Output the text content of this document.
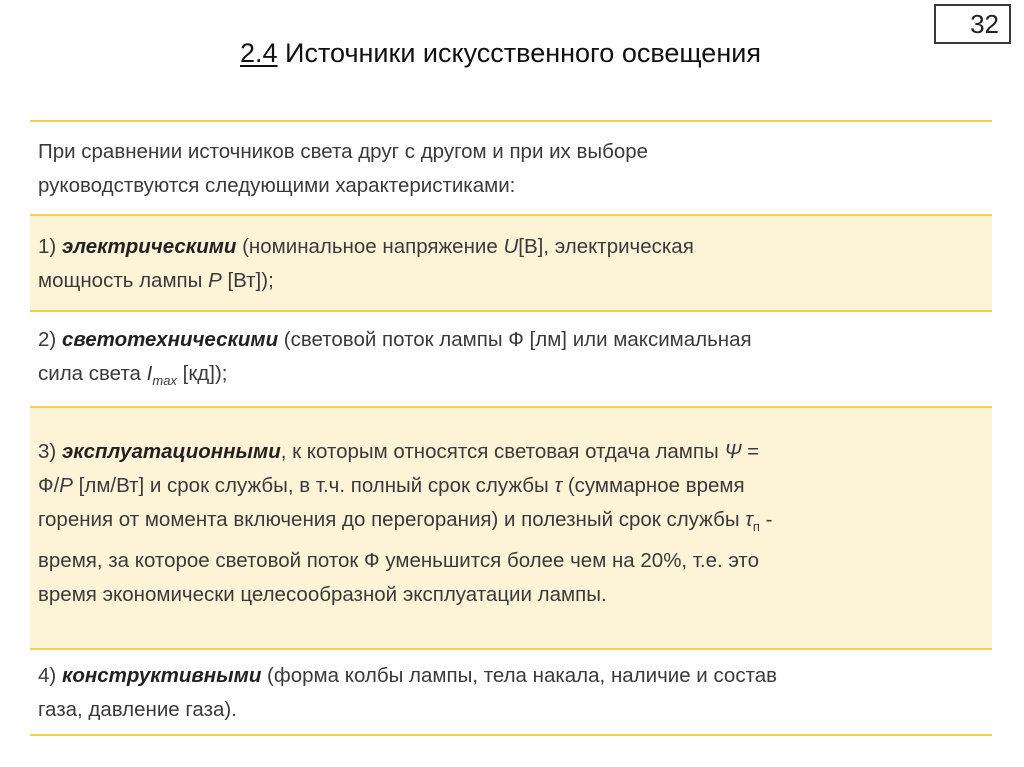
32
2.4 Источники искусственного освещения
При сравнении источников света друг с другом и при их выборе
руководствуются следующими характеристиками:
1) электрическими (номинальное напряжение U[В], электрическая
мощность лампы P [Вт]);
2) светотехническими (световой поток лампы Ф [лм] или максимальная
сила света $I_{max}$ [кд]);
3) эксплуатационными, к которым относятся световая отдача лампы Ψ =
Ф/P [лм/Вт] и срок службы, в т.ч. полный срок службы τ (суммарное время
горения от момента включения до перегорания) и полезный срок службы $\tau_п$ -
время, за которое световой поток Ф уменьшится более чем на 20%, т.е. это
время экономически целесообразной эксплуатации лампы.
4) конструктивными (форма колбы лампы, тела накала, наличие и состав
газа, давление газа).
